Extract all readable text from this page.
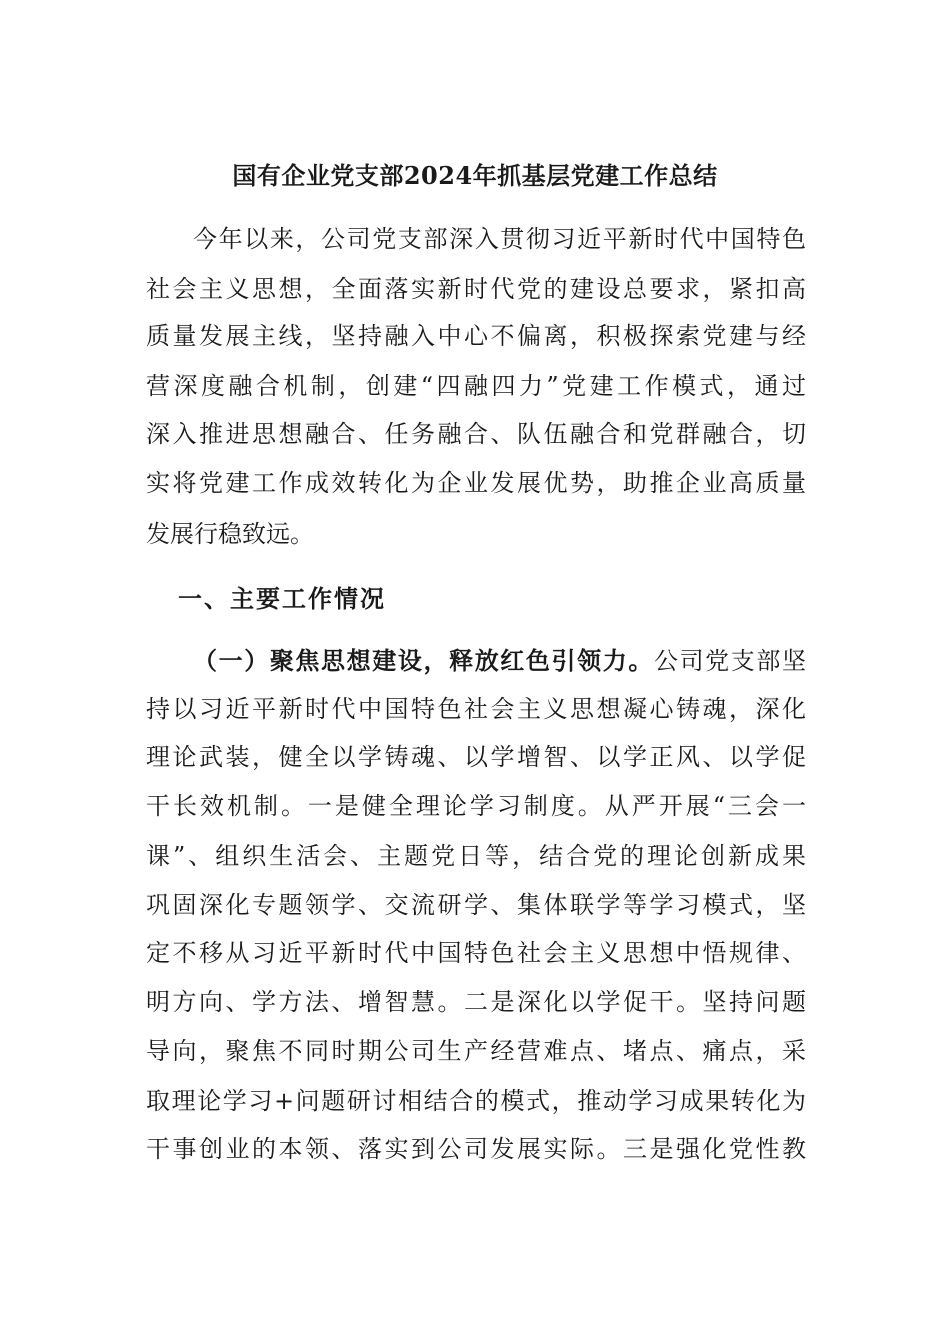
国有企业党支部2024年抓基层党建工作总结
今年以来，公司党支部深入贯彻习近平新时代中国特色
社会主义思想，全面落实新时代党的建设总要求，紧扣高
质量发展主线，坚持融入中心不偏离，积极探索党建与经
营深度融合机制，创建“四融四力”党建工作模式，通过
深入推进思想融合、任务融合、队伍融合和党群融合，切
实将党建工作成效转化为企业发展优势，助推企业高质量
发展行稳致远。
一、主要工作情况
（一）聚焦思想建设，释放红色引领力。公司党支部坚
持以习近平新时代中国特色社会主义思想凝心铸魂，深化
理论武装，健全以学铸魂、以学增智、以学正风、以学促
干长效机制。一是健全理论学习制度。从严开展“三会一
课”、组织生活会、主题党日等，结合党的理论创新成果
巩固深化专题领学、交流研学、集体联学等学习模式，坚
定不移从习近平新时代中国特色社会主义思想中悟规律、
明方向、学方法、增智慧。二是深化以学促干。坚持问题
导向，聚焦不同时期公司生产经营难点、堵点、痛点，采
取理论学习+问题研讨相结合的模式，推动学习成果转化为
干事创业的本领、落实到公司发展实际。三是强化党性教
